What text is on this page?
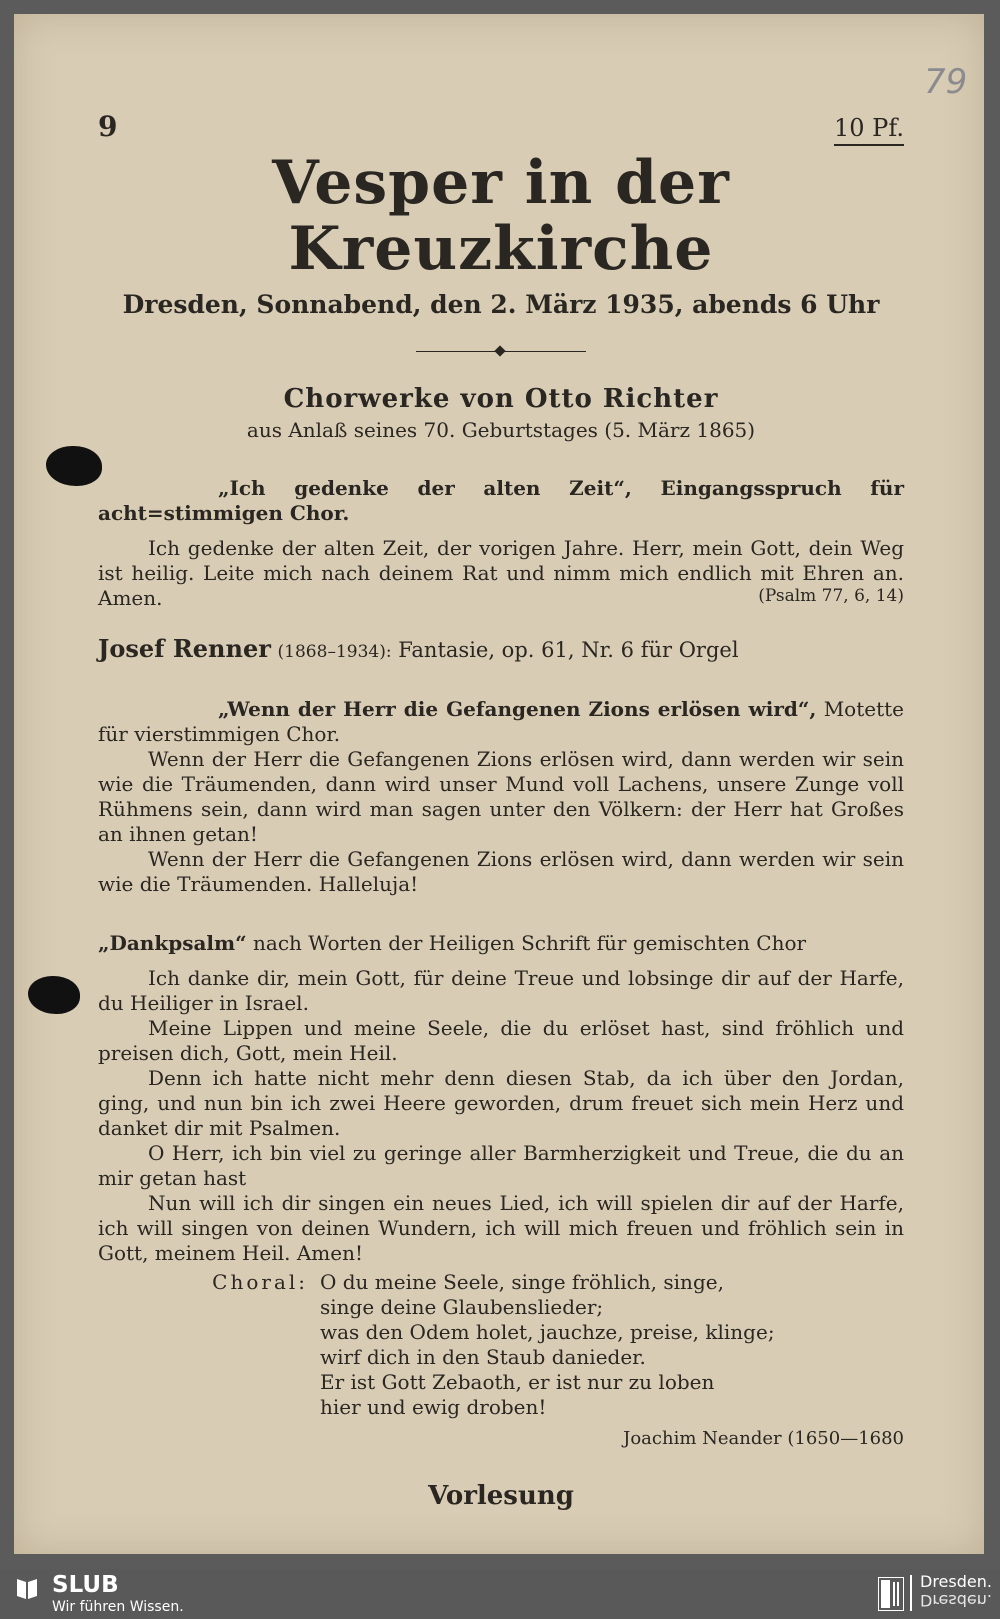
79
9	10 Pf.
Vesper in der Kreuzkirche
Dresden, Sonnabend, den 2. März 1935, abends 6 Uhr
Chorwerke von Otto Richter
aus Anlaß seines 70. Geburtstages (5. März 1865)

„Ich gedenke der alten Zeit“, Eingangsspruch für acht=stimmigen Chor.

Ich gedenke der alten Zeit, der vorigen Jahre. Herr, mein Gott, dein Weg ist heilig. Leite mich nach deinem Rat und nimm mich endlich mit Ehren an. Amen.	(Psalm 77, 6, 14)
Josef Renner (1868–1934): Fantasie, op. 61, Nr. 6 für Orgel

„Wenn der Herr die Gefangenen Zions erlösen wird“, Motette für vierstimmigen Chor.

Wenn der Herr die Gefangenen Zions erlösen wird, dann werden wir sein wie die Träumenden, dann wird unser Mund voll Lachens, unsere Zunge voll Rühmens sein, dann wird man sagen unter den Völkern: der Herr hat Großes an ihnen getan!

Wenn der Herr die Gefangenen Zions erlösen wird, dann werden wir sein wie die Träumenden. Halleluja!

„Dankpsalm“ nach Worten der Heiligen Schrift für gemischten Chor

Ich danke dir, mein Gott, für deine Treue und lobsinge dir auf der Harfe, du Heiliger in Israel.

Meine Lippen und meine Seele, die du erlöset hast, sind fröhlich und preisen dich, Gott, mein Heil.

Denn ich hatte nicht mehr denn diesen Stab, da ich über den Jordan, ging, und nun bin ich zwei Heere geworden, drum freuet sich mein Herz und danket dir mit Psalmen.

O Herr, ich bin viel zu geringe aller Barmherzigkeit und Treue, die du an mir getan hast

Nun will ich dir singen ein neues Lied, ich will spielen dir auf der Harfe, ich will singen von deinen Wundern, ich will mich freuen und fröhlich sein in Gott, meinem Heil. Amen!

Choral: O du meine Seele, singe fröhlich, singe,
singe deine Glaubenslieder;
was den Odem holet, jauchze, preise, klinge;
wirf dich in den Staub danieder.
Er ist Gott Zebaoth, er ist nur zu loben
hier und ewig droben!
Joachim Neander (1650—1680
Vorlesung
SLUB
Wir führen Wissen.
Dresden.
Dresden.
